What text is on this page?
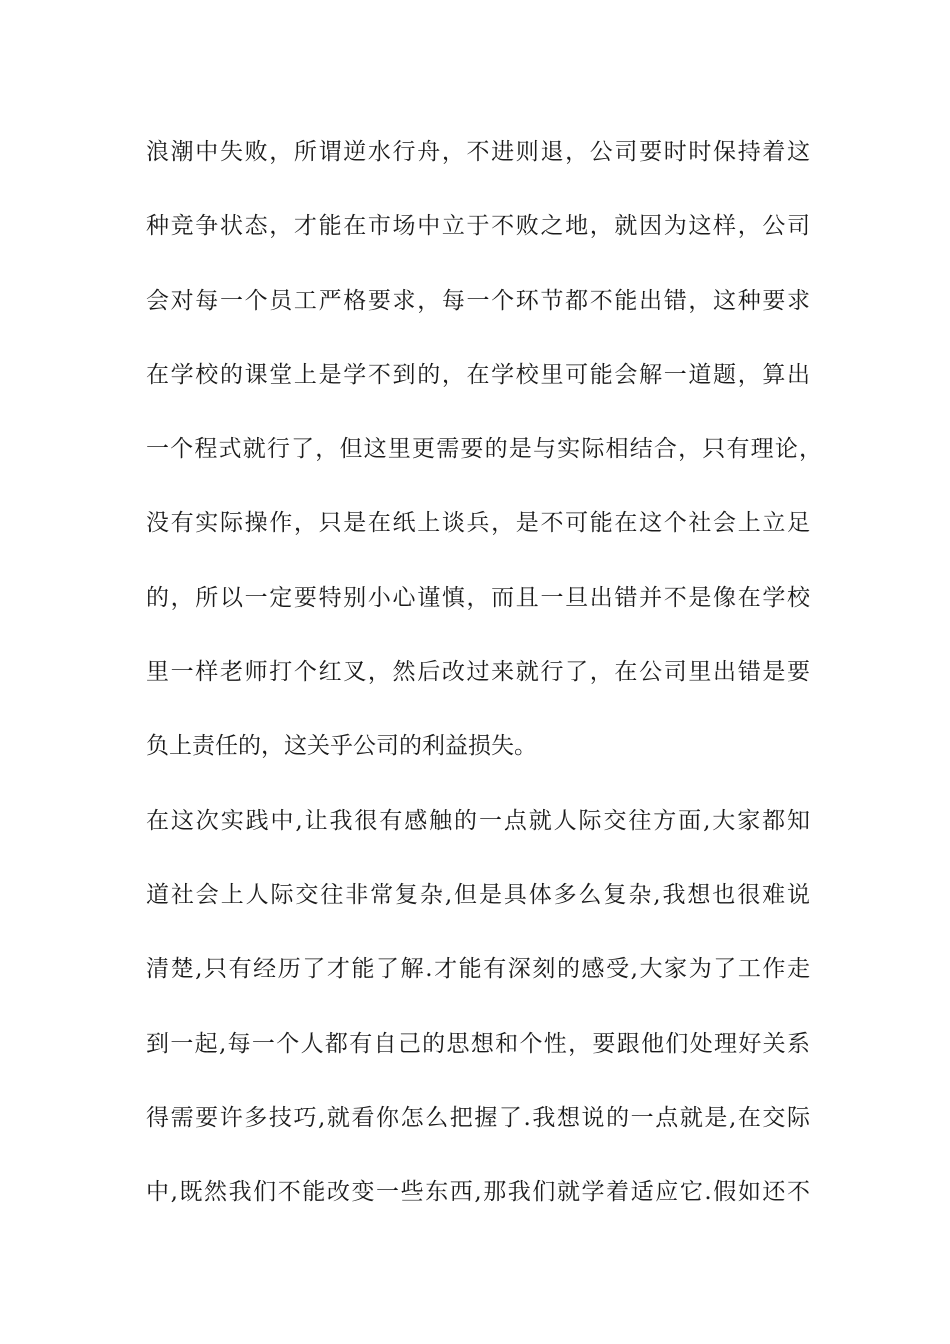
浪潮中失败，所谓逆水行舟，不进则退，公司要时时保持着这
种竞争状态，才能在市场中立于不败之地，就因为这样，公司
会对每一个员工严格要求，每一个环节都不能出错，这种要求
在学校的课堂上是学不到的，在学校里可能会解一道题，算出
一个程式就行了，但这里更需要的是与实际相结合，只有理论，
没有实际操作，只是在纸上谈兵，是不可能在这个社会上立足
的，所以一定要特别小心谨慎，而且一旦出错并不是像在学校
里一样老师打个红叉，然后改过来就行了，在公司里出错是要
负上责任的，这关乎公司的利益损失。
在这次实践中,让我很有感触的一点就人际交往方面,大家都知
道社会上人际交往非常复杂,但是具体多么复杂,我想也很难说
清楚,只有经历了才能了解.才能有深刻的感受,大家为了工作走
到一起,每一个人都有自己的思想和个性，要跟他们处理好关系
得需要许多技巧,就看你怎么把握了.我想说的一点就是,在交际
中,既然我们不能改变一些东西,那我们就学着适应它.假如还不
